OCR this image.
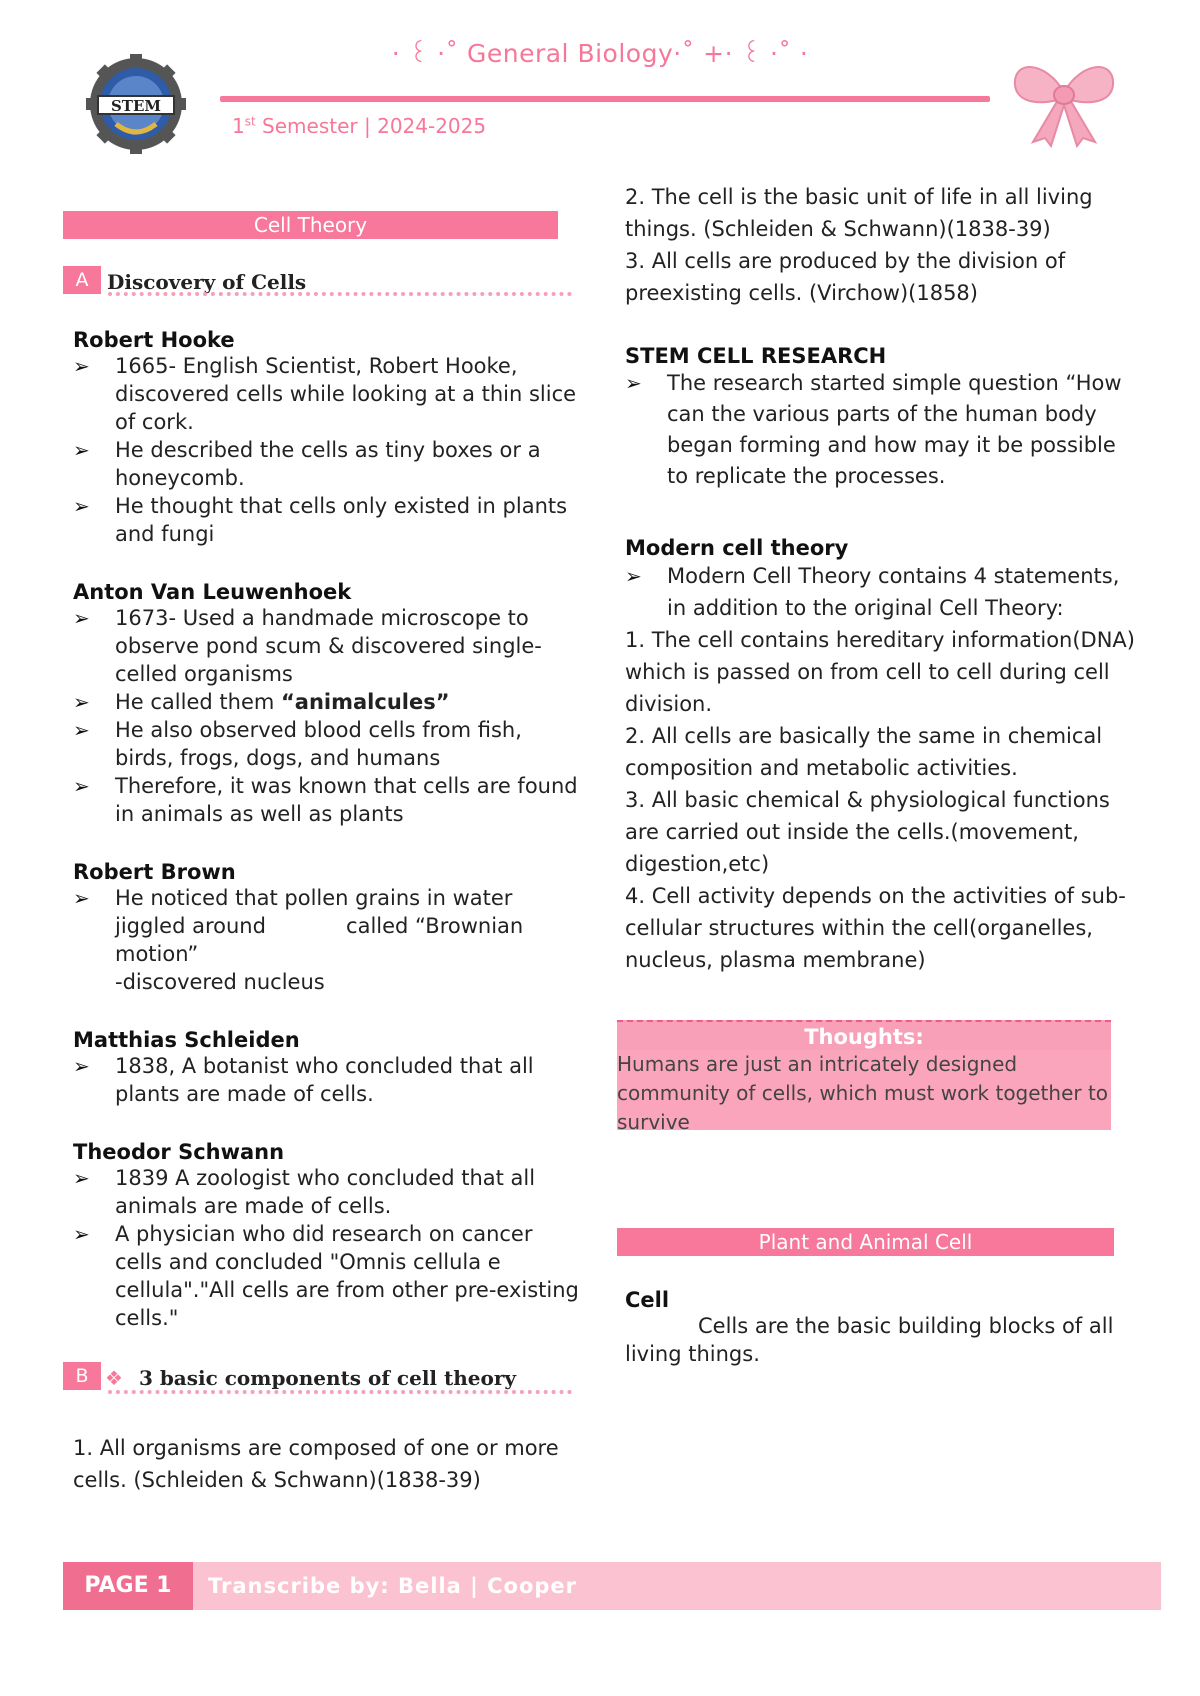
STEM
· ꒰ ·˚ General Biology·˚ +· ꒰ ·˚ ·
1st Semester | 2024-2025
Cell Theory
A Discovery of Cells
Robert Hooke
➢ 1665- English Scientist, Robert Hooke, discovered cells while looking at a thin slice of cork.
➢ He described the cells as tiny boxes or a honeycomb.
➢ He thought that cells only existed in plants and fungi
Anton Van Leuwenhoek
➢ 1673- Used a handmade microscope to observe pond scum & discovered single-celled organisms
➢ He called them “animalcules”
➢ He also observed blood cells from fish, birds, frogs, dogs, and humans
➢ Therefore, it was known that cells are found in animals as well as plants
Robert Brown
➢ He noticed that pollen grains in water jiggled around	called “Brownian motion”
-discovered nucleus
Matthias Schleiden
➢ 1838, A botanist who concluded that all plants are made of cells.
Theodor Schwann
➢ 1839 A zoologist who concluded that all animals are made of cells.
➢ A physician who did research on cancer cells and concluded "Omnis cellula e cellula"."All cells are from other pre-existing cells."
B ❖ 3 basic components of cell theory
1. All organisms are composed of one or more cells. (Schleiden & Schwann)(1838-39)
2. The cell is the basic unit of life in all living things. (Schleiden & Schwann)(1838-39)
3. All cells are produced by the division of preexisting cells. (Virchow)(1858)
STEM CELL RESEARCH
➢ The research started simple question “How can the various parts of the human body began forming and how may it be possible to replicate the processes.
Modern cell theory
➢ Modern Cell Theory contains 4 statements, in addition to the original Cell Theory:
1. The cell contains hereditary information(DNA) which is passed on from cell to cell during cell division.
2. All cells are basically the same in chemical composition and metabolic activities.
3. All basic chemical & physiological functions are carried out inside the cells.(movement, digestion,etc)
4. Cell activity depends on the activities of sub-cellular structures within the cell(organelles, nucleus, plasma membrane)
Thoughts:
Humans are just an intricately designed community of cells, which must work together to survive
Plant and Animal Cell
Cell
Cells are the basic building blocks of all living things.
PAGE 1	Transcribe by: Bella | Cooper
